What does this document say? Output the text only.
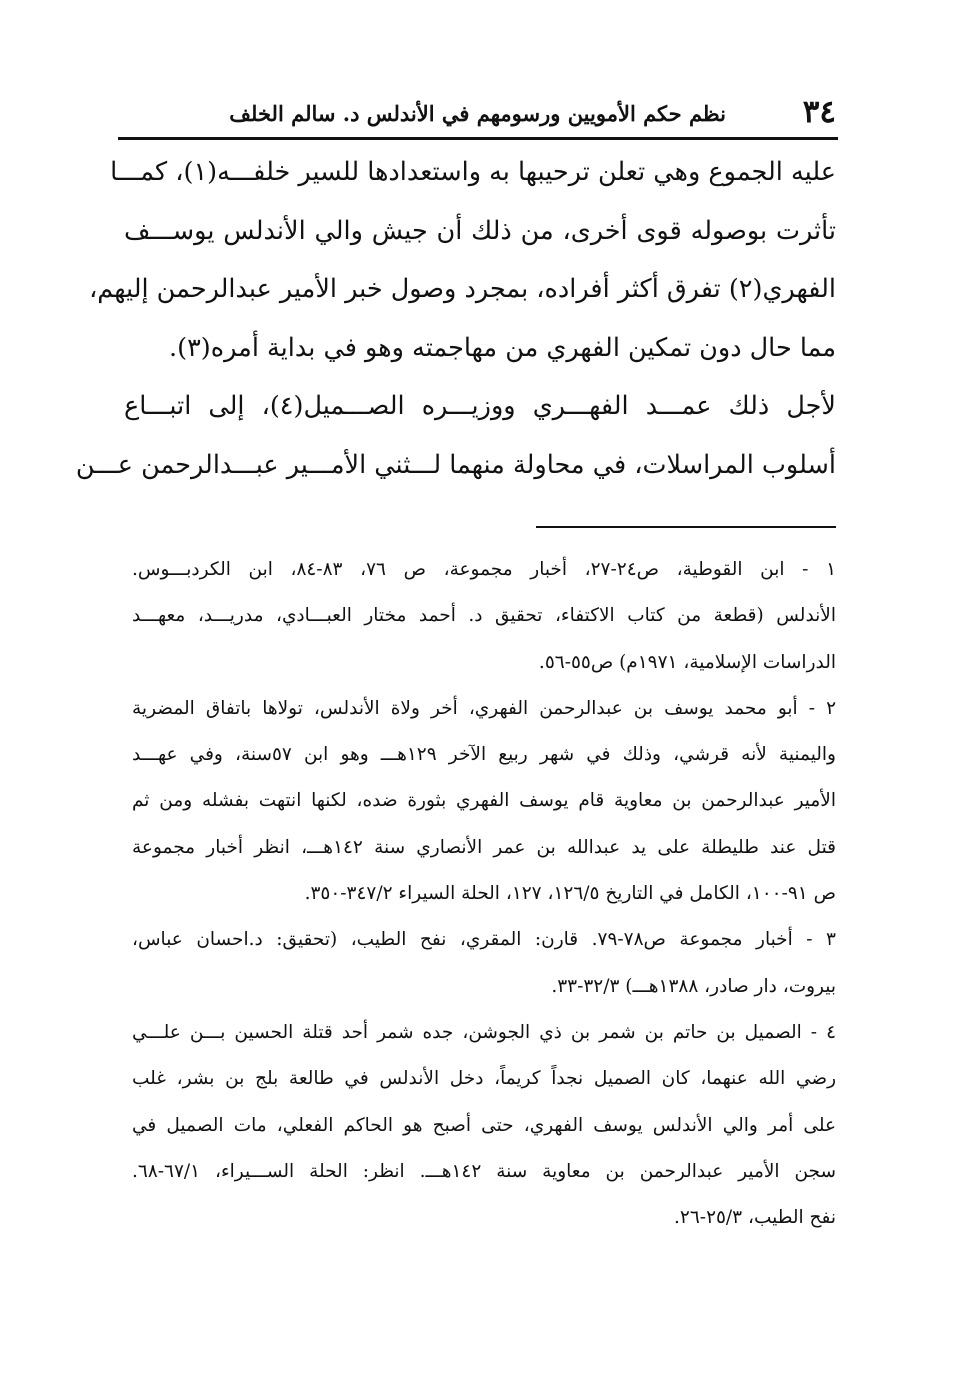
٣٤
نظم حكم الأمويين ورسومهم في الأندلس د. سالم الخلف
عليه الجموع وهي تعلن ترحيبها به واستعدادها للسير خلفـــه(١)، كمـــا
تأثرت بوصوله قوى أخرى، من ذلك أن جيش والي الأندلس يوســـف
الفهري(٢) تفرق أكثر أفراده، بمجرد وصول خبر الأمير عبدالرحمن إليهم،
مما حال دون تمكين الفهري من مهاجمته وهو في بداية أمره(٣).
لأجل ذلك عمـــد الفهـــري ووزيـــره الصـــميل(٤)، إلى اتبـــاع
أسلوب المراسلات، في محاولة منهما لـــثني الأمـــير عبـــدالرحمن عـــن
١ - ابن القوطية، ص٢٤-٢٧، أخبار مجموعة، ص ٧٦، ٨٣-٨٤، ابن الكردبـــوس.
الأندلس (قطعة من كتاب الاكتفاء، تحقيق د. أحمد مختار العبـــادي، مدريـــد، معهـــد
الدراسات الإسلامية، ١٩٧١م) ص٥٥-٥٦.
٢ - أبو محمد يوسف بن عبدالرحمن الفهري، أخر ولاة الأندلس، تولاها باتفاق المضرية
واليمنية لأنه قرشي، وذلك في شهر ربيع الآخر ١٢٩هـــ وهو ابن ٥٧سنة، وفي عهـــد
الأمير عبدالرحمن بن معاوية قام يوسف الفهري بثورة ضده، لكنها انتهت بفشله ومن ثم
قتل عند طليطلة على يد عبدالله بن عمر الأنصاري سنة ١٤٢هـــ، انظر أخبار مجموعة
ص ٩١-١٠٠، الكامل في التاريخ ١٢٦/٥، ١٢٧، الحلة السيراء ٣٤٧/٢-٣٥٠.
٣ - أخبار مجموعة ص٧٨-٧٩. قارن: المقري، نفح الطيب، (تحقيق: د.احسان عباس،
بيروت، دار صادر، ١٣٨٨هـــ) ٣٢/٣-٣٣.
٤ - الصميل بن حاتم بن شمر بن ذي الجوشن، جده شمر أحد قتلة الحسين بـــن علـــي
رضي الله عنهما، كان الصميل نجداً كريماً، دخل الأندلس في طالعة بلج بن بشر، غلب
على أمر والي الأندلس يوسف الفهري، حتى أصبح هو الحاكم الفعلي، مات الصميل في
سجن الأمير عبدالرحمن بن معاوية سنة ١٤٢هـــ. انظر: الحلة الســـيراء، ٦٧/١-٦٨.
نفح الطيب، ٢٥/٣-٢٦.
